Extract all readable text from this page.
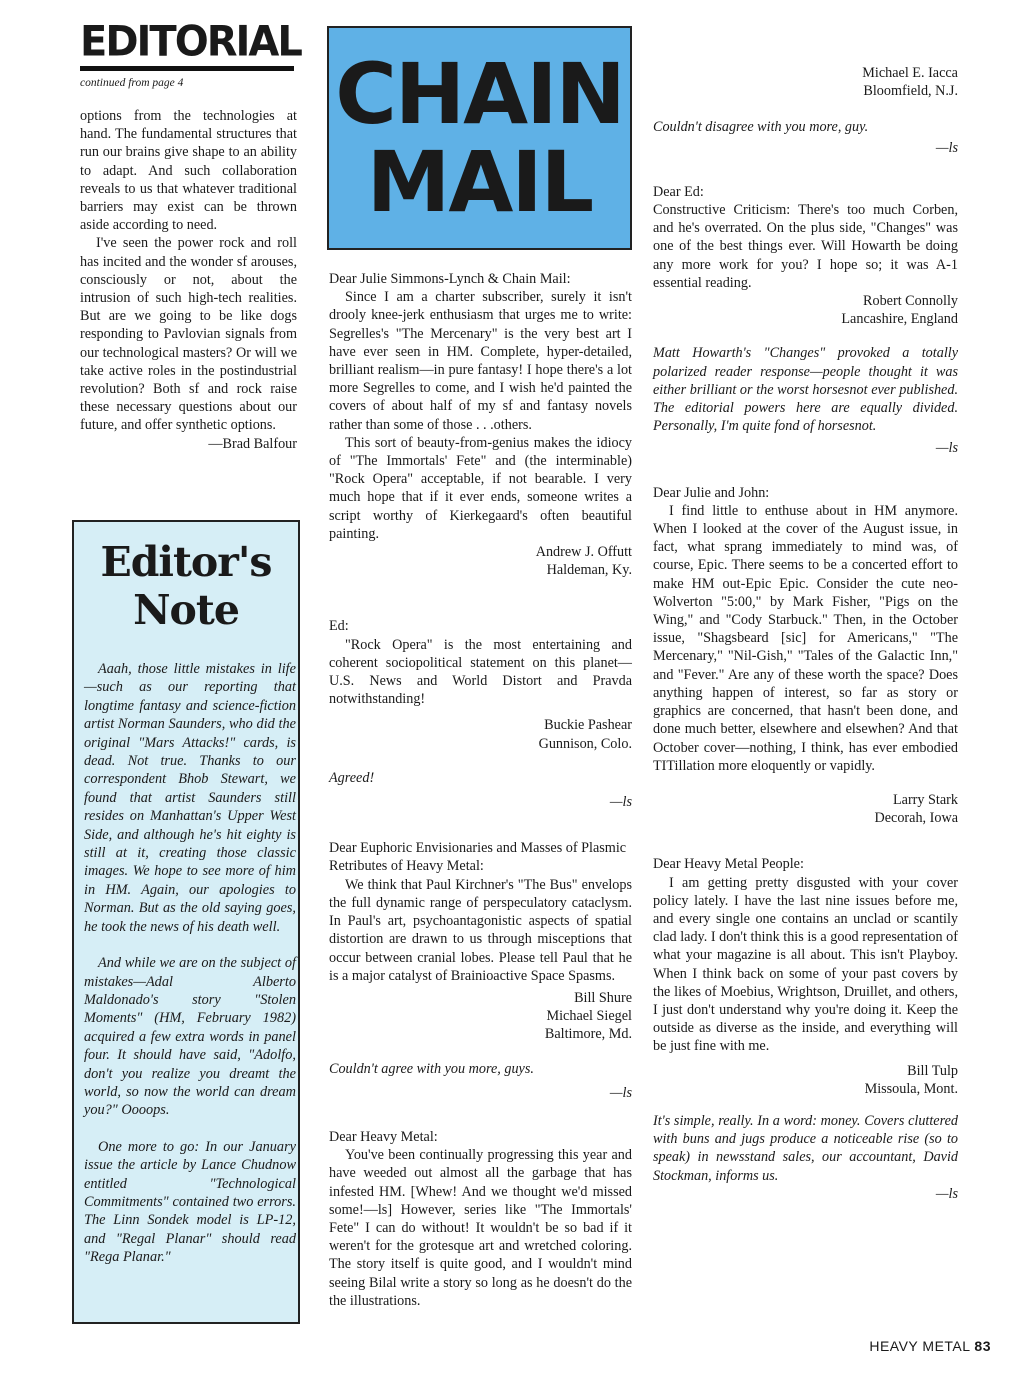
EDITORIAL
continued from page 4

options from the technologies at hand. The fundamental structures that run our brains give shape to an ability to adapt. And such collaboration reveals to us that whatever traditional barriers may exist can be thrown aside according to need.

I've seen the power rock and roll has incited and the wonder sf arouses, consciously or not, about the intrusion of such high-tech realities. But are we going to be like dogs responding to Pavlovian signals from our technological masters? Or will we take active roles in the postindustrial revolution? Both sf and rock raise these necessary questions about our future, and offer synthetic options.

—Brad Balfour

Editor's
Note

Aaah, those little mistakes in life—such as our reporting that longtime fantasy and science-fiction artist Norman Saunders, who did the original "Mars Attacks!" cards, is dead. Not true. Thanks to our correspondent Bhob Stewart, we found that artist Saunders still resides on Manhattan's Upper West Side, and although he's hit eighty is still at it, creating those classic images. We hope to see more of him in HM. Again, our apologies to Norman. But as the old saying goes, he took the news of his death well.

And while we are on the subject of mistakes—Adal Alberto Maldonado's story "Stolen Moments" (HM, February 1982) acquired a few extra words in panel four. It should have said, "Adolfo, don't you realize you dreamt the world, so now the world can dream you?" Oooops.

One more to go: In our January issue the article by Lance Chudnow entitled "Technological Commitments" contained two errors. The Linn Sondek model is LP-12, and "Regal Planar" should read "Rega Planar."

CHAIN
MAIL

Dear Julie Simmons-Lynch & Chain Mail:

Since I am a charter subscriber, surely it isn't drooly knee-jerk enthusiasm that urges me to write: Segrelles's "The Mercenary" is the very best art I have ever seen in HM. Complete, hyper-detailed, brilliant realism—in pure fantasy! I hope there's a lot more Segrelles to come, and I wish he'd painted the covers of about half of my sf and fantasy novels rather than some of those . . .others.

This sort of beauty-from-genius makes the idiocy of "The Immortals' Fete" and (the interminable) "Rock Opera" acceptable, if not bearable. I very much hope that if it ever ends, someone writes a script worthy of Kierkegaard's often beautiful painting.

Andrew J. Offutt

Haldeman, Ky.

Ed:

"Rock Opera" is the most entertaining and coherent sociopolitical statement on this planet—U.S. News and World Distort and Pravda notwithstanding!

Buckie Pashear

Gunnison, Colo.

Agreed!

—ls

Dear Euphoric Envisionaries and Masses of Plasmic Retributes of Heavy Metal:

We think that Paul Kirchner's "The Bus" envelops the full dynamic range of perspeculatory cataclysm. In Paul's art, psychoantagonistic aspects of spatial distortion are drawn to us through misceptions that occur between cranial lobes. Please tell Paul that he is a major catalyst of Brainioactive Space Spasms.

Bill Shure

Michael Siegel

Baltimore, Md.

Couldn't agree with you more, guys.

—ls

Dear Heavy Metal:

You've been continually progressing this year and have weeded out almost all the garbage that has infested HM. [Whew! And we thought we'd missed some!—ls] However, series like "The Immortals' Fete" I can do without! It wouldn't be so bad if it weren't for the grotesque art and wretched coloring. The story itself is quite good, and I wouldn't mind seeing Bilal write a story so long as he doesn't do the the illustrations.

Michael E. Iacca

Bloomfield, N.J.

Couldn't disagree with you more, guy.

—ls

Dear Ed:

Constructive Criticism: There's too much Corben, and he's overrated. On the plus side, "Changes" was one of the best things ever. Will Howarth be doing any more work for you? I hope so; it was A-1 essential reading.

Robert Connolly

Lancashire, England

Matt Howarth's "Changes" provoked a totally polarized reader response—people thought it was either brilliant or the worst horsesnot ever published. The editorial powers here are equally divided. Personally, I'm quite fond of horsesnot.

—ls

Dear Julie and John:

I find little to enthuse about in HM anymore. When I looked at the cover of the August issue, in fact, what sprang immediately to mind was, of course, Epic. There seems to be a concerted effort to make HM out-Epic Epic. Consider the cute neo-Wolverton "5:00," by Mark Fisher, "Pigs on the Wing," and "Cody Starbuck." Then, in the October issue, "Shagsbeard [sic] for Americans," "The Mercenary," "Nil-Gish," "Tales of the Galactic Inn," and "Fever." Are any of these worth the space? Does anything happen of interest, so far as story or graphics are concerned, that hasn't been done, and done much better, elsewhere and elsewhen? And that October cover—nothing, I think, has ever embodied TITillation more eloquently or vapidly.

Larry Stark

Decorah, Iowa

Dear Heavy Metal People:

I am getting pretty disgusted with your cover policy lately. I have the last nine issues before me, and every single one contains an unclad or scantily clad lady. I don't think this is a good representation of what your magazine is all about. This isn't Playboy. When I think back on some of your past covers by the likes of Moebius, Wrightson, Druillet, and others, I just don't understand why you're doing it. Keep the outside as diverse as the inside, and everything will be just fine with me.

Bill Tulp

Missoula, Mont.

It's simple, really. In a word: money. Covers cluttered with buns and jugs produce a noticeable rise (so to speak) in newsstand sales, our accountant, David Stockman, informs us.

—ls

HEAVY METAL 83
